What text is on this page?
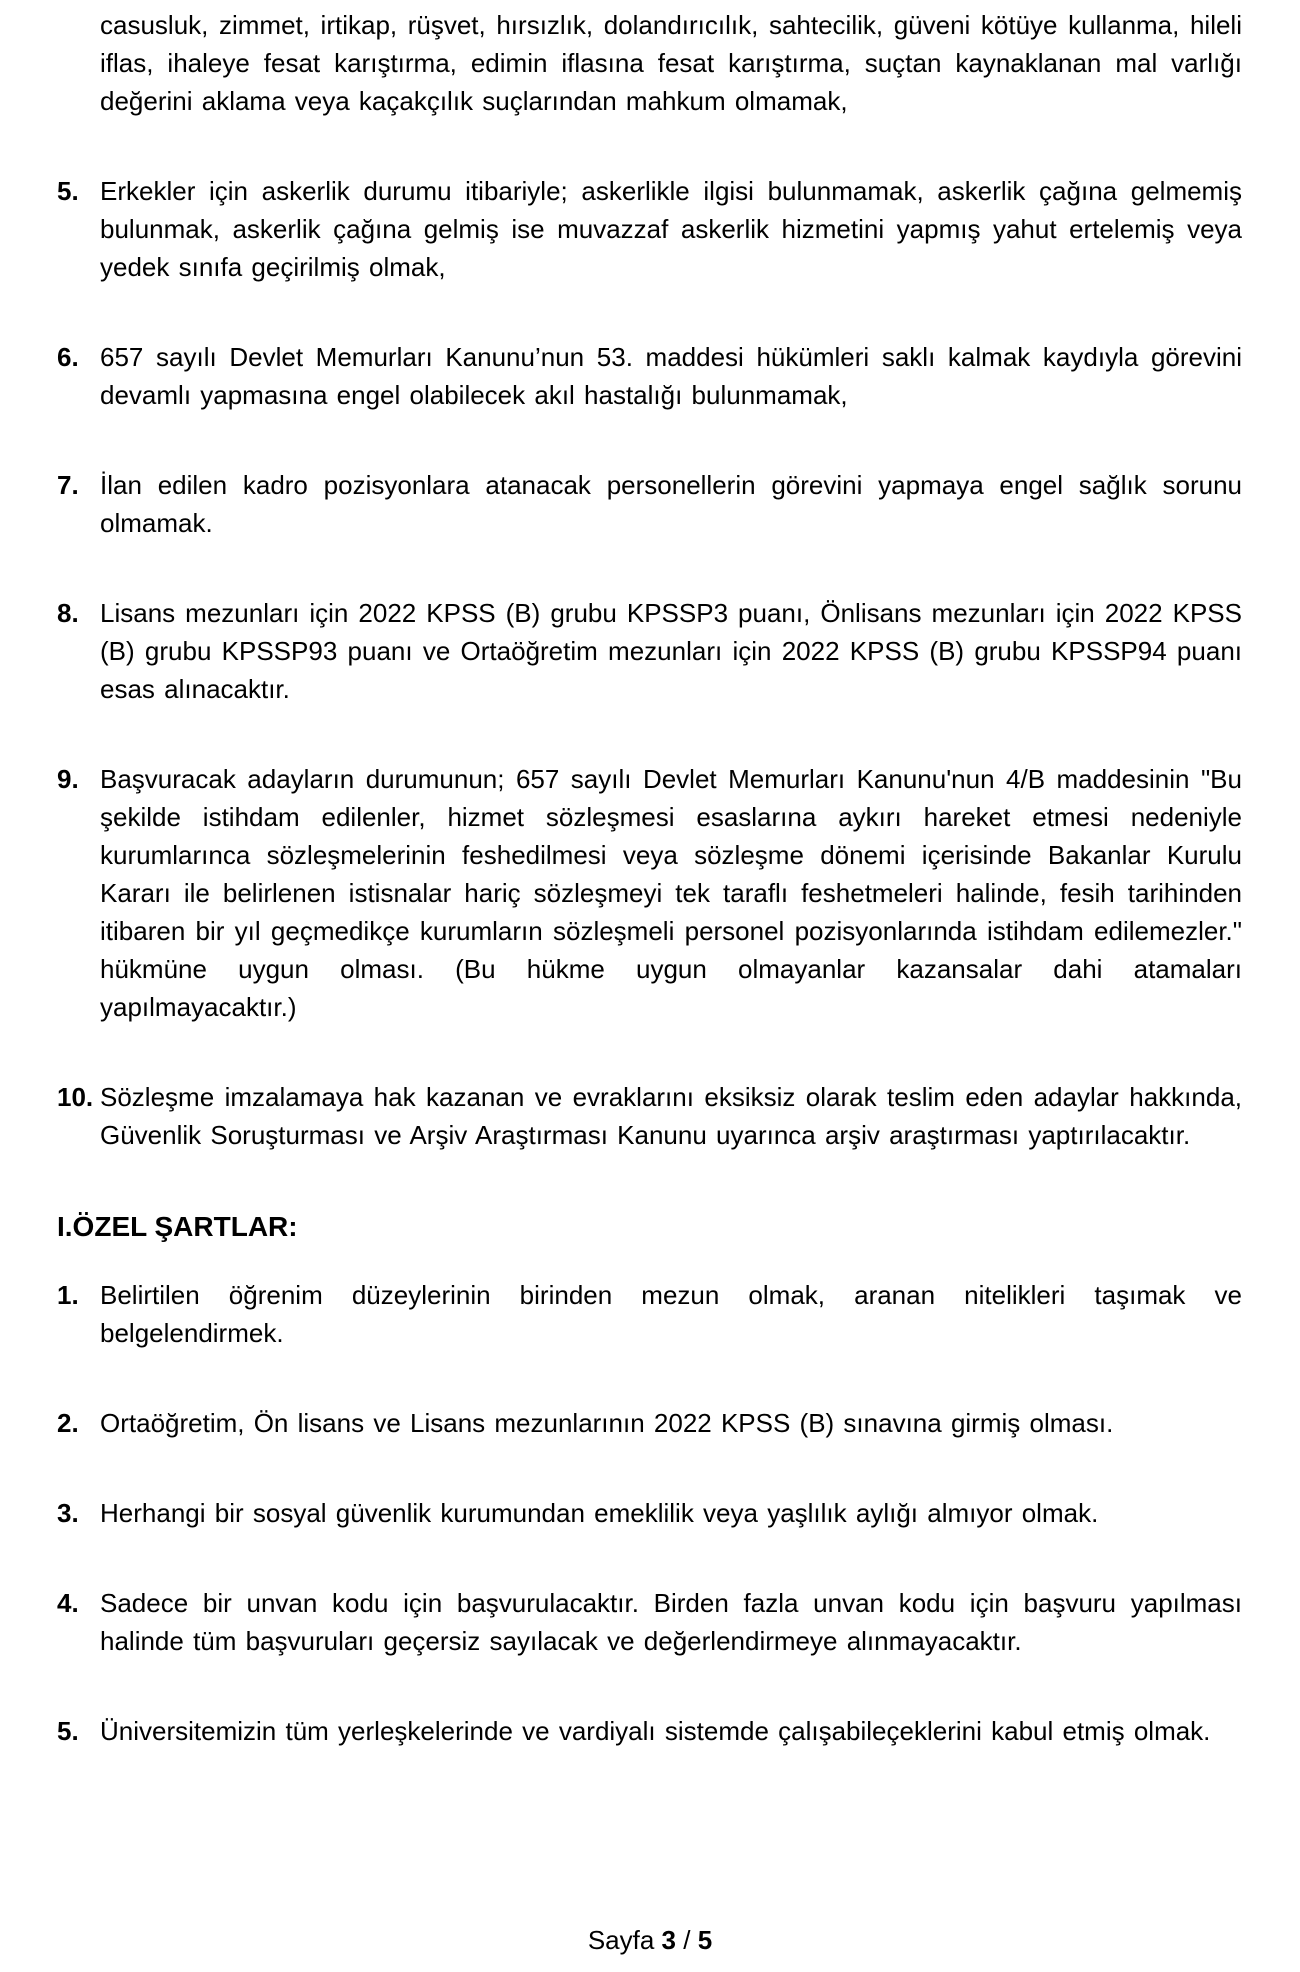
casusluk, zimmet, irtikap, rüşvet, hırsızlık, dolandırıcılık, sahtecilik, güveni kötüye kullanma, hileli iflas, ihaleye fesat karıştırma, edimin iflasına fesat karıştırma, suçtan kaynaklanan mal varlığı değerini aklama veya kaçakçılık suçlarından mahkum olmamak,

5. Erkekler için askerlik durumu itibariyle; askerlikle ilgisi bulunmamak, askerlik çağına gelmemiş bulunmak, askerlik çağına gelmiş ise muvazzaf askerlik hizmetini yapmış yahut ertelemiş veya yedek sınıfa geçirilmiş olmak,
6. 657 sayılı Devlet Memurları Kanunu’nun 53. maddesi hükümleri saklı kalmak kaydıyla görevini devamlı yapmasına engel olabilecek akıl hastalığı bulunmamak,
7. İlan edilen kadro pozisyonlara atanacak personellerin görevini yapmaya engel sağlık sorunu olmamak.
8. Lisans mezunları için 2022 KPSS (B) grubu KPSSP3 puanı, Önlisans mezunları için 2022 KPSS (B) grubu KPSSP93 puanı ve Ortaöğretim mezunları için 2022 KPSS (B) grubu KPSSP94 puanı esas alınacaktır.
9. Başvuracak adayların durumunun; 657 sayılı Devlet Memurları Kanunu'nun 4/B maddesinin "Bu şekilde istihdam edilenler, hizmet sözleşmesi esaslarına aykırı hareket etmesi nedeniyle kurumlarınca sözleşmelerinin feshedilmesi veya sözleşme dönemi içerisinde Bakanlar Kurulu Kararı ile belirlenen istisnalar hariç sözleşmeyi tek taraflı feshetmeleri halinde, fesih tarihinden itibaren bir yıl geçmedikçe kurumların sözleşmeli personel pozisyonlarında istihdam edilemezler." hükmüne uygun olması. (Bu hükme uygun olmayanlar kazansalar dahi atamaları yapılmayacaktır.)
10. Sözleşme imzalamaya hak kazanan ve evraklarını eksiksiz olarak teslim eden adaylar hakkında, Güvenlik Soruşturması ve Arşiv Araştırması Kanunu uyarınca arşiv araştırması yaptırılacaktır.
I.ÖZEL ŞARTLAR:
1. Belirtilen öğrenim düzeylerinin birinden mezun olmak, aranan nitelikleri taşımak ve belgelendirmek.
2. Ortaöğretim, Ön lisans ve Lisans mezunlarının 2022 KPSS (B) sınavına girmiş olması.
3. Herhangi bir sosyal güvenlik kurumundan emeklilik veya yaşlılık aylığı almıyor olmak.
4. Sadece bir unvan kodu için başvurulacaktır. Birden fazla unvan kodu için başvuru yapılması halinde tüm başvuruları geçersiz sayılacak ve değerlendirmeye alınmayacaktır.
5. Üniversitemizin tüm yerleşkelerinde ve vardiyalı sistemde çalışabileçeklerini kabul etmiş olmak.
Sayfa 3 / 5
